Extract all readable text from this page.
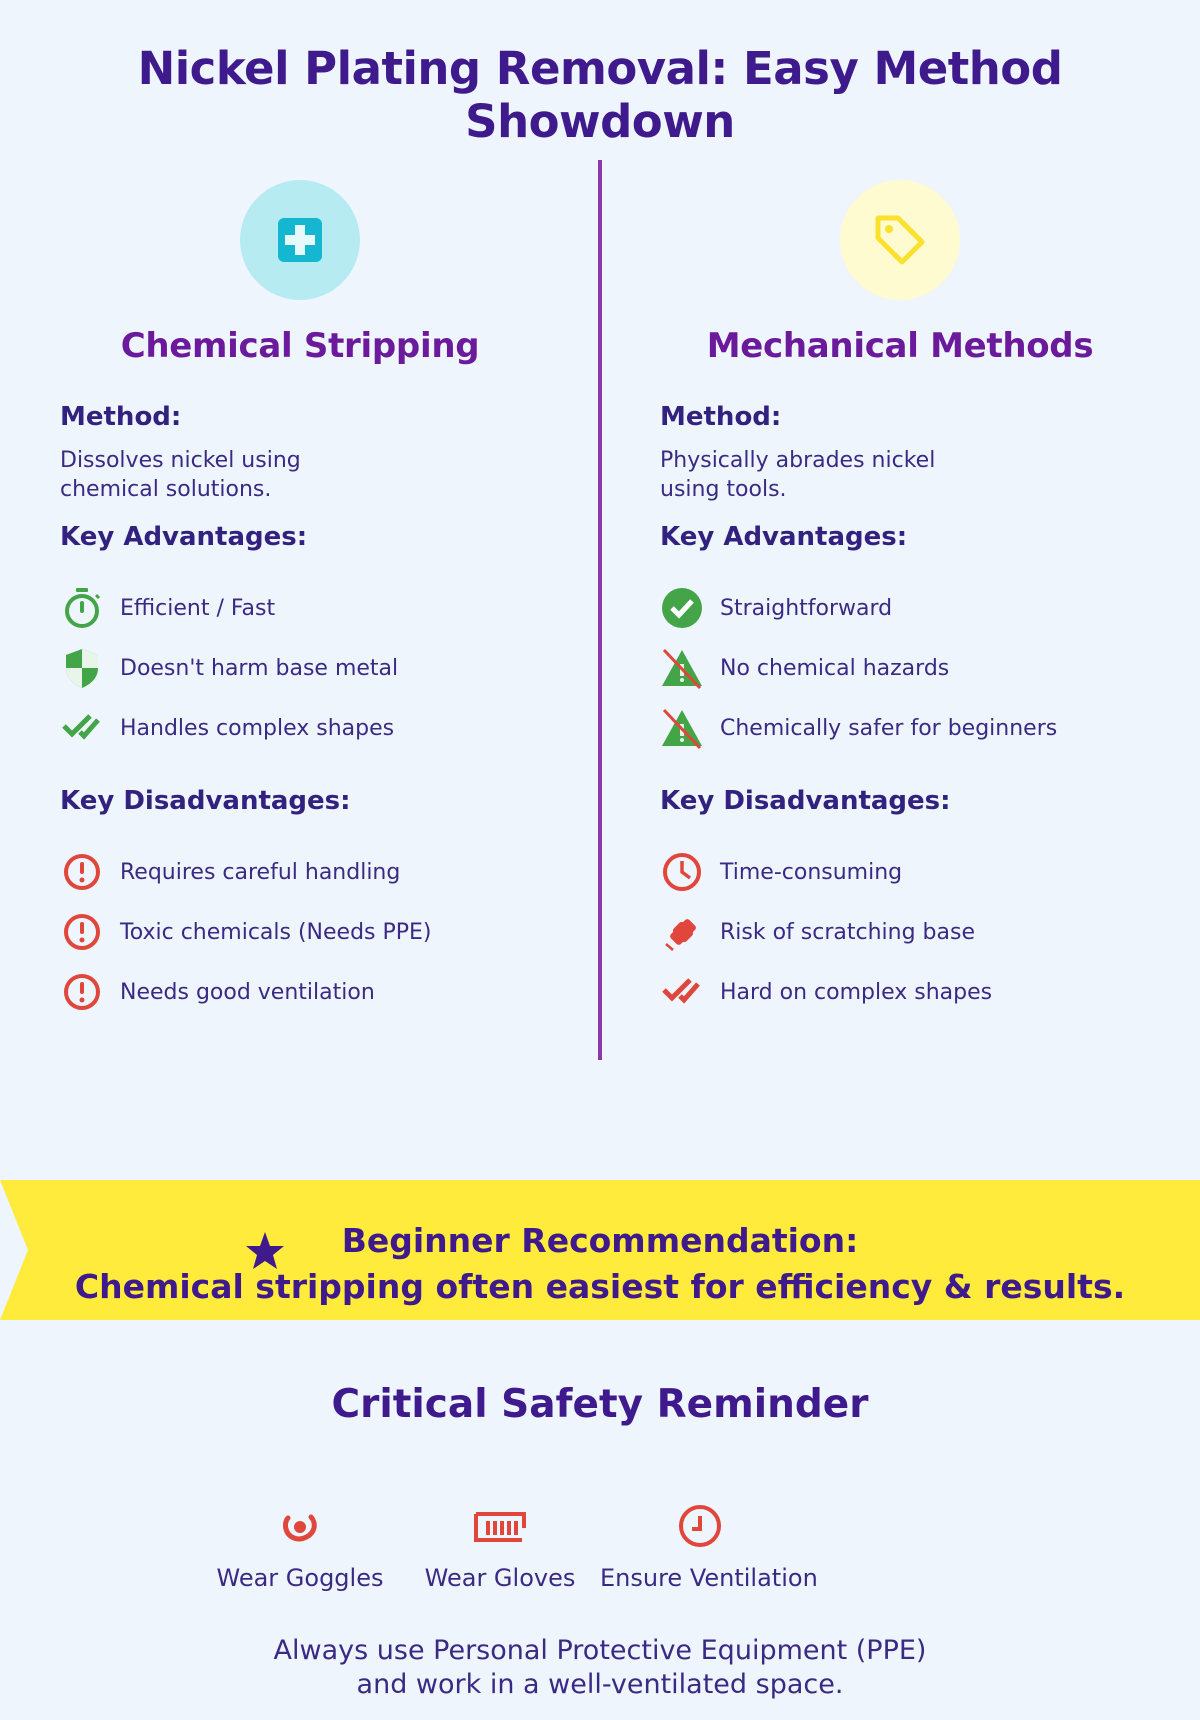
Nickel Plating Removal: Easy Method Showdown
Chemical Stripping
Method:
Dissolves nickel using chemical solutions.
Key Advantages:
Efficient / Fast
Doesn't harm base metal
Handles complex shapes
Key Disadvantages:
Requires careful handling
Toxic chemicals (Needs PPE)
Needs good ventilation
Mechanical Methods
Method:
Physically abrades nickel using tools.
Key Advantages:
Straightforward
No chemical hazards
Chemically safer for beginners
Key Disadvantages:
Time-consuming
Risk of scratching base
Hard on complex shapes
Beginner Recommendation:
Chemical stripping often easiest for efficiency & results.
Critical Safety Reminder
Wear Goggles	Wear Gloves	Ensure Ventilation
Always use Personal Protective Equipment (PPE)
and work in a well-ventilated space.
